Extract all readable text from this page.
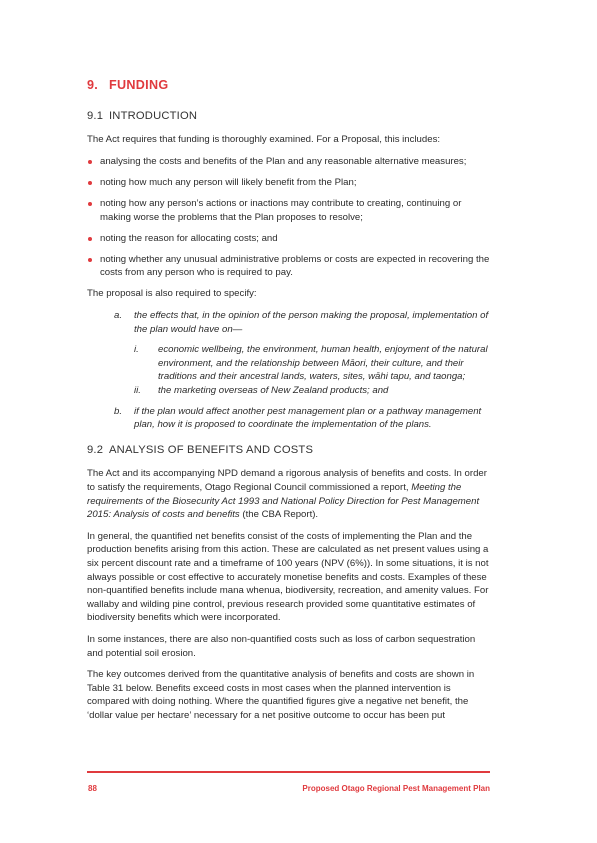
9. FUNDING
9.1 INTRODUCTION

The Act requires that funding is thoroughly examined. For a Proposal, this includes:

analysing the costs and benefits of the Plan and any reasonable alternative measures;
noting how much any person will likely benefit from the Plan;
noting how any person’s actions or inactions may contribute to creating, continuing or making worse the problems that the Plan proposes to resolve;
noting the reason for allocating costs; and
noting whether any unusual administrative problems or costs are expected in recovering the costs from any person who is required to pay.

The proposal is also required to specify:

a. the effects that, in the opinion of the person making the proposal, implementation of the plan would have on—
i. economic wellbeing, the environment, human health, enjoyment of the natural environment, and the relationship between Māori, their culture, and their traditions and their ancestral lands, waters, sites, wāhi tapu, and taonga;
ii. the marketing overseas of New Zealand products; and
b. if the plan would affect another pest management plan or a pathway management plan, how it is proposed to coordinate the implementation of the plans.
9.2 ANALYSIS OF BENEFITS AND COSTS

The Act and its accompanying NPD demand a rigorous analysis of benefits and costs. In order to satisfy the requirements, Otago Regional Council commissioned a report, Meeting the requirements of the Biosecurity Act 1993 and National Policy Direction for Pest Management 2015: Analysis of costs and benefits (the CBA Report).

In general, the quantified net benefits consist of the costs of implementing the Plan and the production benefits arising from this action. These are calculated as net present values using a six percent discount rate and a timeframe of 100 years (NPV (6%)). In some situations, it is not always possible or cost effective to accurately monetise benefits and costs. Examples of these non-quantified benefits include mana whenua, biodiversity, recreation, and amenity values. For wallaby and wilding pine control, previous research provided some quantitative estimates of biodiversity benefits which were incorporated.

In some instances, there are also non-quantified costs such as loss of carbon sequestration and potential soil erosion.

The key outcomes derived from the quantitative analysis of benefits and costs are shown in Table 31 below. Benefits exceed costs in most cases when the planned intervention is compared with doing nothing. Where the quantified figures give a negative net benefit, the ‘dollar value per hectare’ necessary for a net positive outcome to occur has been put

88	Proposed Otago Regional Pest Management Plan
